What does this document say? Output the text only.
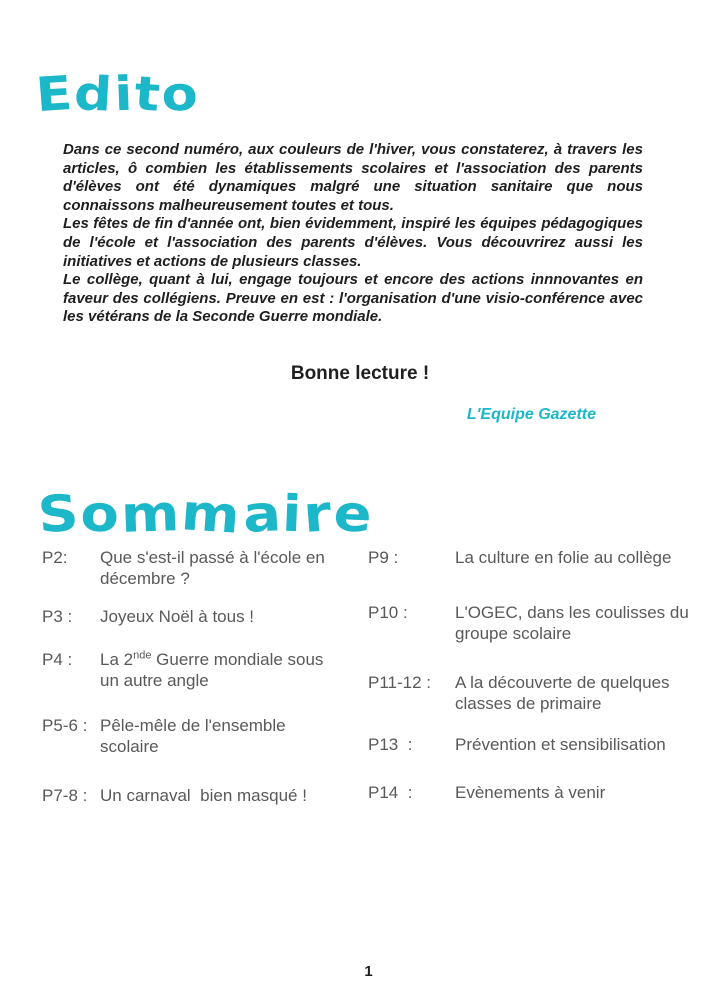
Edito

Dans ce second numéro, aux couleurs de l'hiver, vous constaterez, à travers les articles, ô combien les établissements scolaires et l'association des parents d'élèves ont été dynamiques malgré une situation sanitaire que nous connaissons malheureusement toutes et tous.

Les fêtes de fin d'année ont, bien évidemment, inspiré les équipes pédagogiques de l'école et l'association des parents d'élèves. Vous découvrirez aussi les initiatives et actions de plusieurs classes.

Le collège, quant à lui, engage toujours et encore des actions innnovantes en faveur des collégiens. Preuve en est : l'organisation d'une visio-conférence avec les vétérans de la Seconde Guerre mondiale.

Bonne lecture !
L'Equipe Gazette
Sommaire
P2:	Que s'est-il passé à l'école en décembre ?
P3 :	Joyeux Noël à tous !
P4 :	La 2nde Guerre mondiale sous un autre angle
P5-6 : Pêle-mêle de l'ensemble scolaire
P7-8 : Un carnaval  bien masqué !
P9 :	La culture en folie au collège
P10 :	L'OGEC, dans les coulisses du groupe scolaire
P11-12 :	A la découverte de quelques classes de primaire
P13  :	Prévention et sensibilisation
P14  :	Evènements à venir
1
